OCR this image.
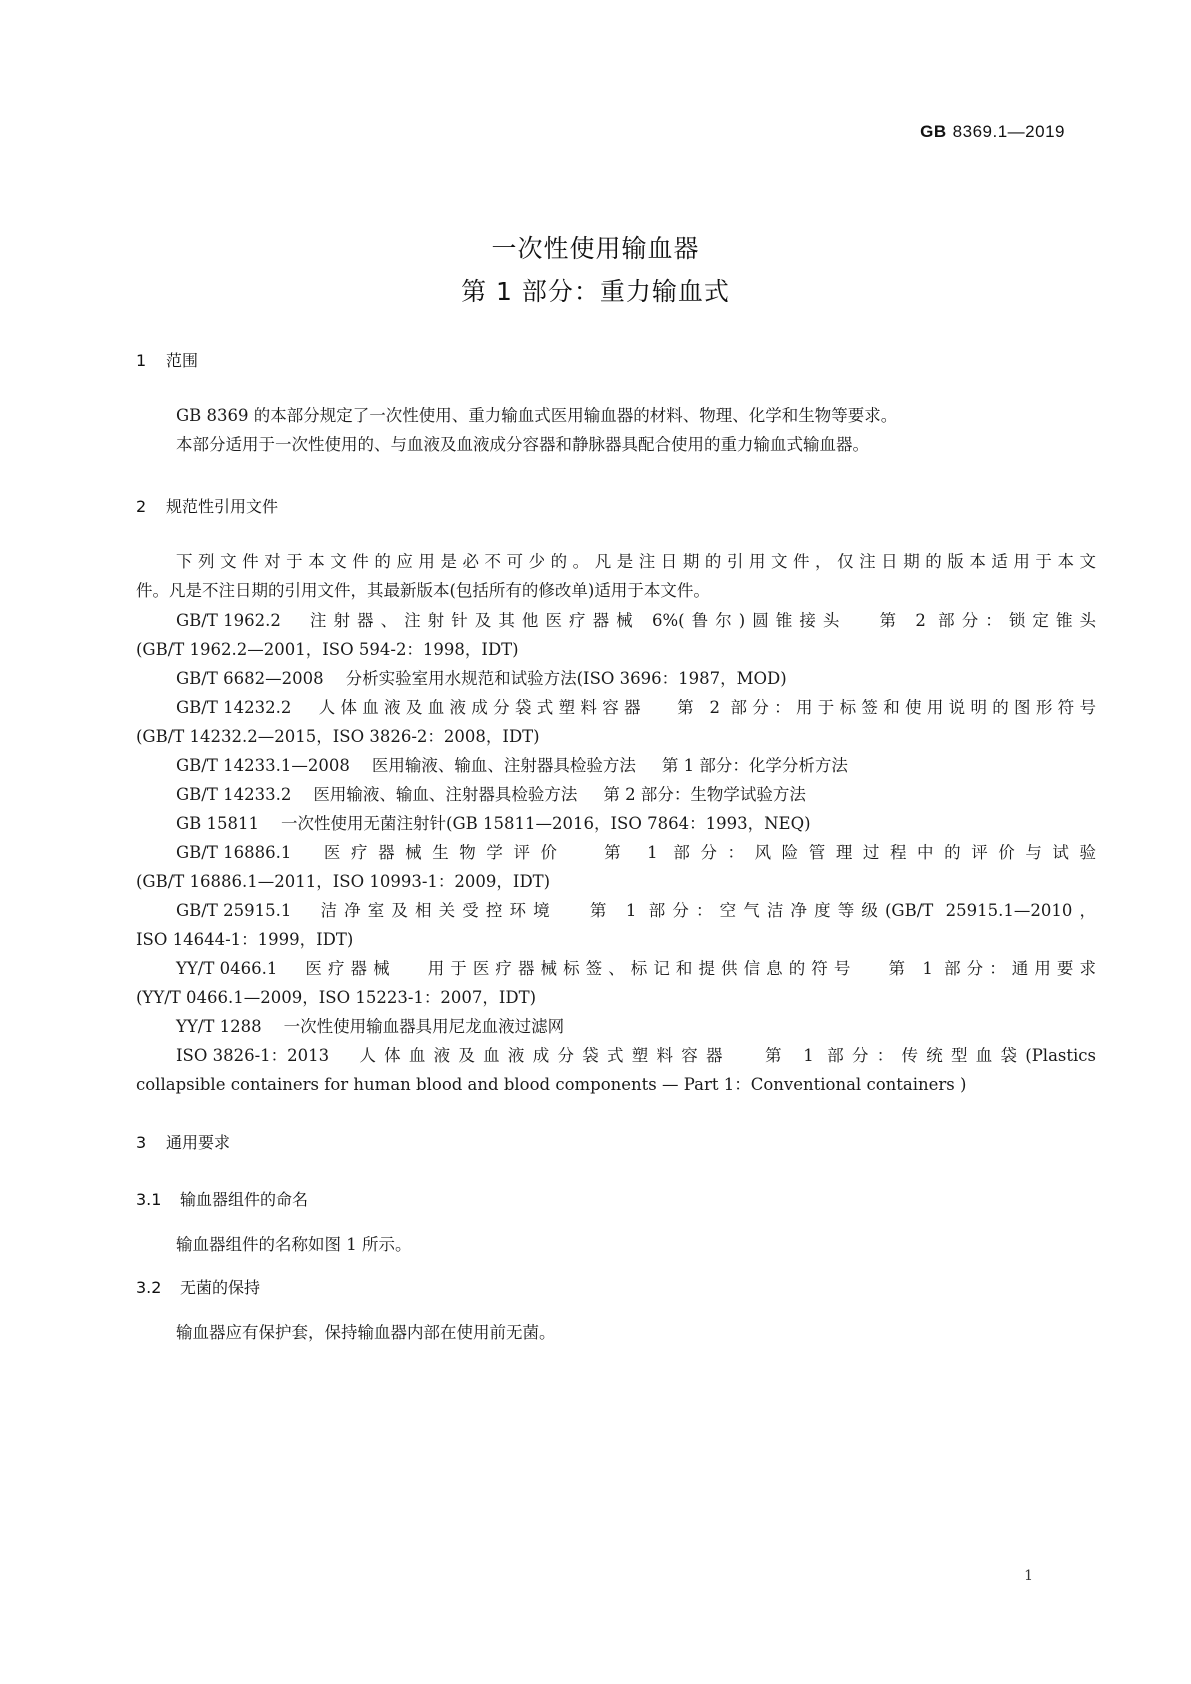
GB 8369.1—2019
一次性使用输血器
第 1 部分：重力输血式
1 范围
GB 8369 的本部分规定了一次性使用、重力输血式医用输血器的材料、物理、化学和生物等要求。
本部分适用于一次性使用的、与血液及血液成分容器和静脉器具配合使用的重力输血式输血器。
2 规范性引用文件
下列文件对于本文件的应用是必不可少的。凡是注日期的引用文件，仅注日期的版本适用于本文
件。凡是不注日期的引用文件，其最新版本(包括所有的修改单)适用于本文件。
GB/T 1962.2 注射器、注射针及其他医疗器械 6%(鲁尔)圆锥接头 第 2 部分：锁定锥头
(GB/T 1962.2—2001，ISO 594-2：1998，IDT)
GB/T 6682—2008 分析实验室用水规范和试验方法(ISO 3696：1987，MOD)
GB/T 14232.2 人体血液及血液成分袋式塑料容器 第 2 部分：用于标签和使用说明的图形符号
(GB/T 14232.2—2015，ISO 3826-2：2008，IDT)
GB/T 14233.1—2008 医用输液、输血、注射器具检验方法 第 1 部分：化学分析方法
GB/T 14233.2 医用输液、输血、注射器具检验方法 第 2 部分：生物学试验方法
GB 15811 一次性使用无菌注射针(GB 15811—2016，ISO 7864：1993，NEQ)
GB/T 16886.1 医疗器械生物学评价 第 1 部分：风险管理过程中的评价与试验
(GB/T 16886.1—2011，ISO 10993-1：2009，IDT)
GB/T 25915.1 洁净室及相关受控环境 第 1 部分：空气洁净度等级(GB/T 25915.1—2010，
ISO 14644-1：1999，IDT)
YY/T 0466.1 医疗器械 用于医疗器械标签、标记和提供信息的符号 第 1 部分：通用要求
(YY/T 0466.1—2009，ISO 15223-1：2007，IDT)
YY/T 1288 一次性使用输血器具用尼龙血液过滤网
ISO 3826-1：2013 人体血液及血液成分袋式塑料容器 第 1 部分：传统型血袋(Plastics
collapsible containers for human blood and blood components — Part 1：Conventional containers )
3 通用要求
3.1 输血器组件的命名
输血器组件的名称如图 1 所示。
3.2 无菌的保持
输血器应有保护套，保持输血器内部在使用前无菌。
1
